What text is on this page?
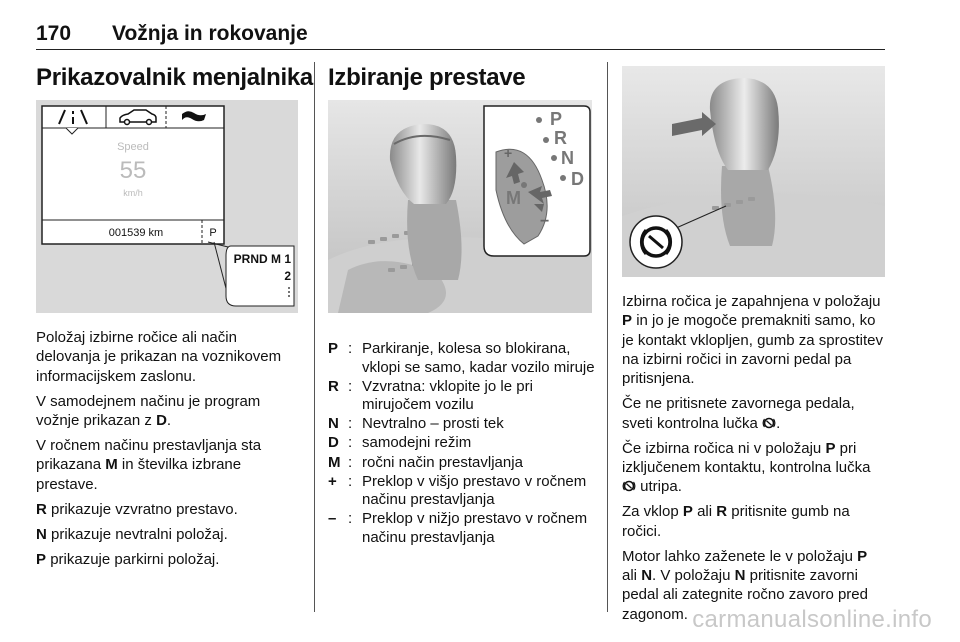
170 Vožnja in rokovanje
Prikazovalnik menjalnika
Speed
55
km/h
001539 km	P
PRND M 1
2

Položaj izbirne ročice ali način delovanja je prikazan na voznikovem informacijskem zaslonu.

V samodejnem načinu je program vožnje prikazan z D.

V ročnem načinu prestavljanja sta prikazana M in številka izbrane prestave.

R prikazuje vzvratno prestavo.

N prikazuje nevtralni položaj.

P prikazuje parkirni položaj.

Izbiranje prestave
P
R
N
D
M
+
−
P : Parkiranje, kolesa so blokirana, vklopi se samo, kadar vozilo miruje
R : Vzvratna: vklopite jo le pri mirujočem vozilu
N : Nevtralno – prosti tek
D : samodejni režim
M : ročni način prestavljanja
+ : Preklop v višjo prestavo v ročnem načinu prestavljanja
– : Preklop v nižjo prestavo v ročnem načinu prestavljanja

Izbirna ročica je zapahnjena v položaju P in jo je mogoče premakniti samo, ko je kontakt vklopljen, gumb za sprostitev na izbirni ročici in zavorni pedal pa pritisnjena.

Če ne pritisnete zavornega pedala, sveti kontrolna lučka .

Če izbirna ročica ni v položaju P pri izključenem kontaktu, kontrolna lučka  utripa.

Za vklop P ali R pritisnite gumb na ročici.

Motor lahko zaženete le v položaju P ali N. V položaju N pritisnite zavorni pedal ali zategnite ročno zavoro pred zagonom. carmanualsonline.info
